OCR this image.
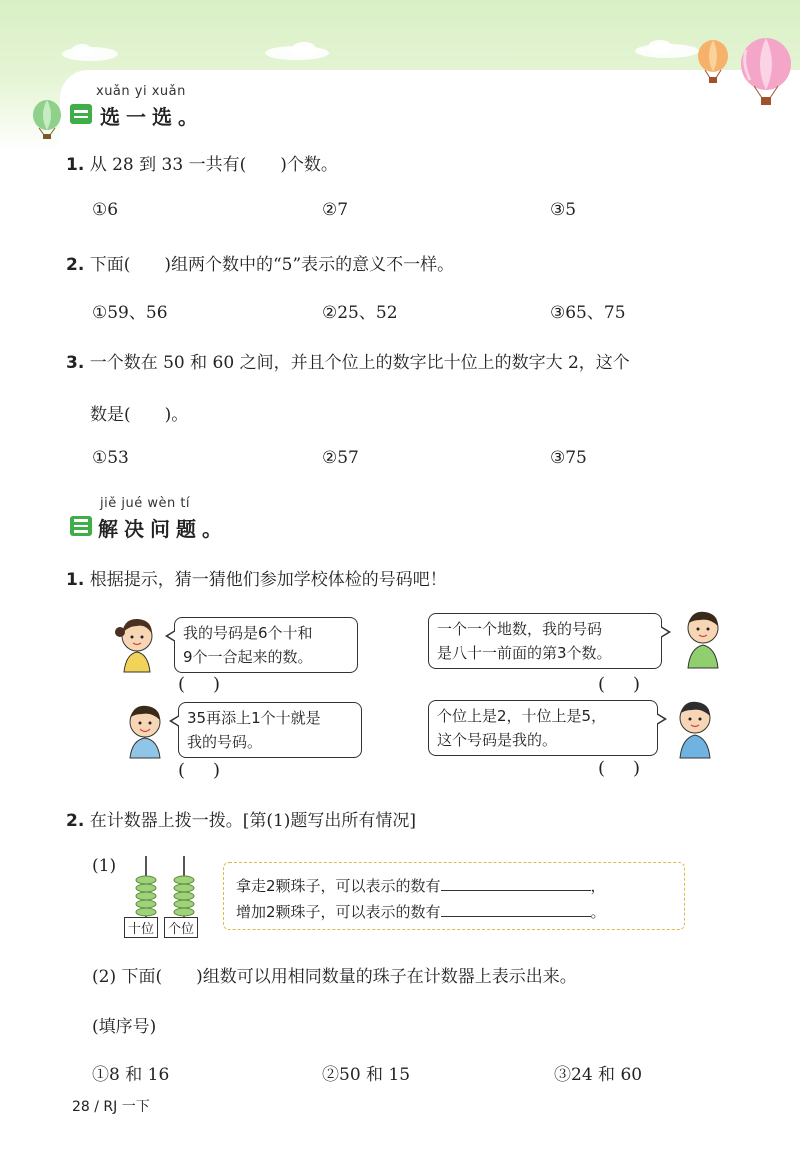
xuǎn yi xuǎn
选一选。
1. 从 28 到 33 一共有(　　)个数。
①6	②7	③5
2. 下面(　　)组两个数中的“5”表示的意义不一样。
①59、56	②25、52	③65、75
3. 一个数在 50 和 60 之间，并且个位上的数字比十位上的数字大 2，这个
数是(　　)。
①53	②57	③75
jiě jué wèn tí
解决问题。
1. 根据提示，猜一猜他们参加学校体检的号码吧！
我的号码是6个十和
9个一合起来的数。
一个一个地数，我的号码
是八十一前面的第3个数。
35再添上1个十就是
我的号码。
个位上是2，十位上是5，
这个号码是我的。
()	()
()	()
2. 在计数器上拨一拨。[第(1)题写出所有情况]
(1)
十位	个位
拿走2颗珠子，可以表示的数有	，
增加2颗珠子，可以表示的数有	。
(2) 下面(　　)组数可以用相同数量的珠子在计数器上表示出来。
(填序号)
①8 和 16	②50 和 15	③24 和 60
28 / RJ 一下
